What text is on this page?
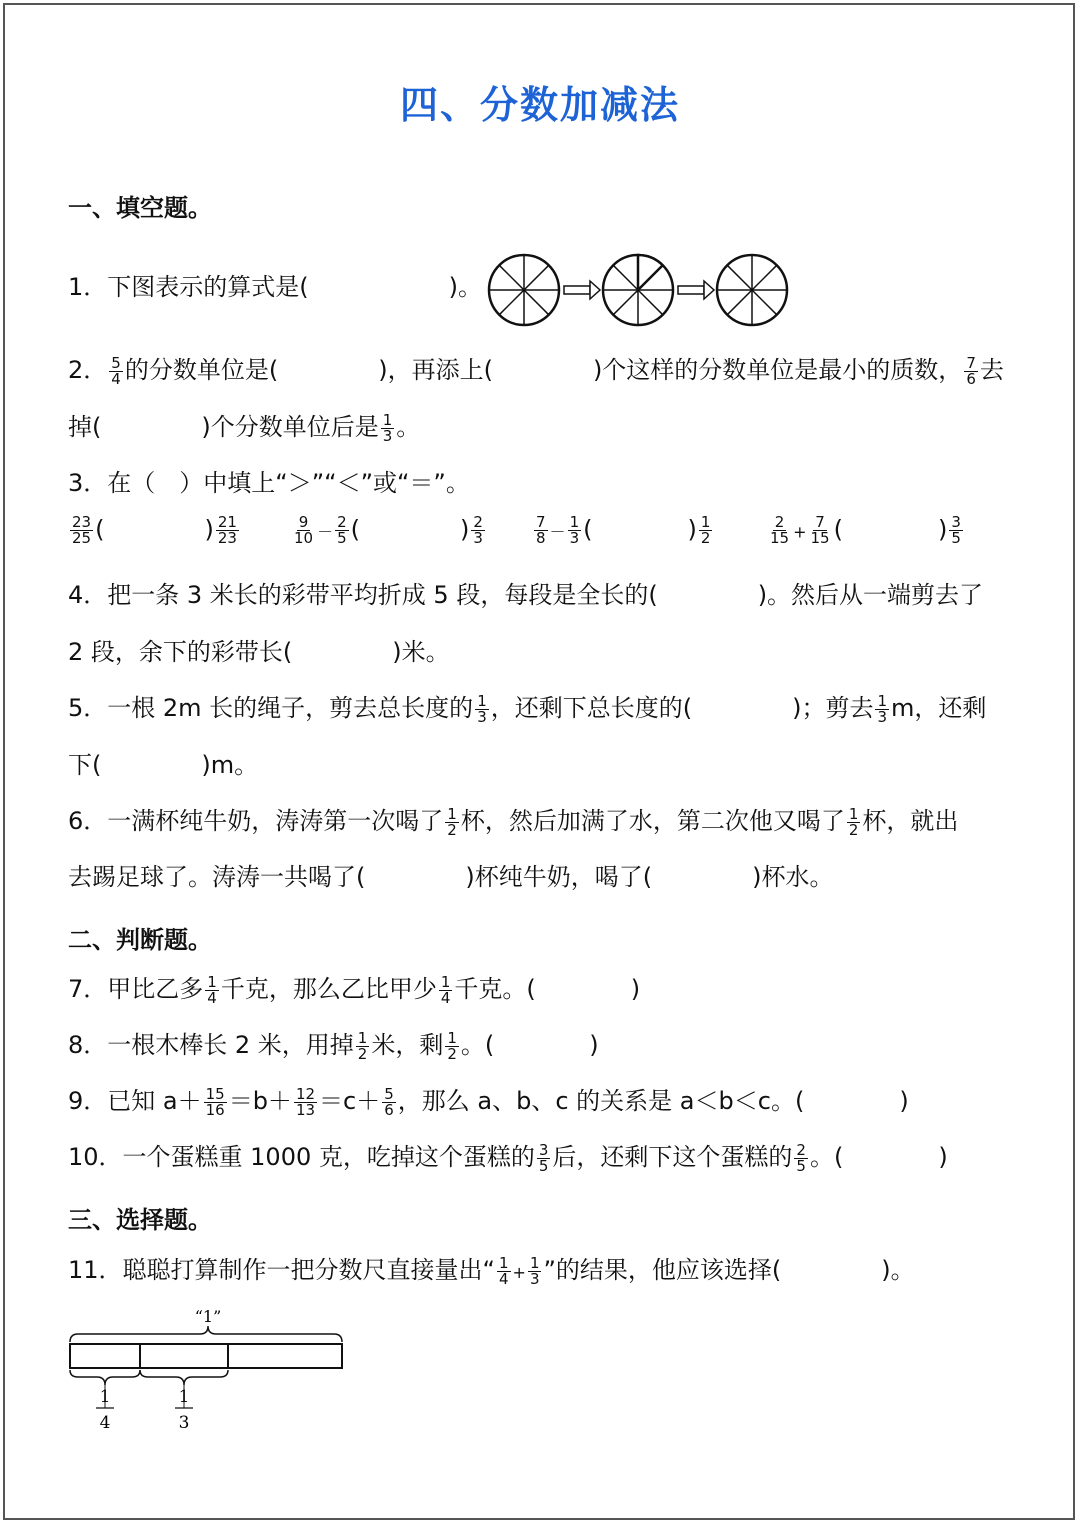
四、分数加减法
一、填空题。
1．下图表示的算式是(	)。
2． $\frac{5}{4}$ 的分数单位是(	)，再添上(	)个这样的分数单位是最小的质数， $\frac{7}{6}$ 去
掉(	)个分数单位后是 $\frac{1}{3}$ 。
3．在（　）中填上“＞”“＜”或“＝”。
$\frac{23}{25}$ (	) $\frac{21}{23}$	$\frac{9}{10} - \frac{2}{5}$ (	) $\frac{2}{3}$	$\frac{7}{8} - \frac{1}{3}$ (	) $\frac{1}{2}$	$\frac{2}{15} + \frac{7}{15}$ (	) $\frac{3}{5}$
4．把一条 3 米长的彩带平均折成 5 段，每段是全长的(	)。然后从一端剪去了
2 段，余下的彩带长(	)米。
5．一根 2m 长的绳子，剪去总长度的 $\frac{1}{3}$ ，还剩下总长度的(	)；剪去 $\frac{1}{3}$ m，还剩
下(	)m。
6．一满杯纯牛奶，涛涛第一次喝了 $\frac{1}{2}$ 杯，然后加满了水，第二次他又喝了 $\frac{1}{2}$ 杯，就出
去踢足球了。涛涛一共喝了(	)杯纯牛奶，喝了(	)杯水。
二、判断题。
7．甲比乙多 $\frac{1}{4}$ 千克，那么乙比甲少 $\frac{1}{4}$ 千克。(	)
8．一根木棒长 2 米，用掉 $\frac{1}{2}$ 米，剩 $\frac{1}{2}$ 。(	)
9．已知 $a+ \frac{15}{16} =b+ \frac{12}{13} =c+ \frac{5}{6}$ ，那么 a、b、c 的关系是 a＜b＜c。(	)
10．一个蛋糕重 1000 克，吃掉这个蛋糕的 $\frac{3}{5}$ 后，还剩下这个蛋糕的 $\frac{2}{5}$ 。(	)
三、选择题。
11．聪聪打算制作一把分数尺直接量出“ $\frac{1}{4} + \frac{1}{3}$ ”的结果，他应该选择(	)。
“1”
1
4
1
3
